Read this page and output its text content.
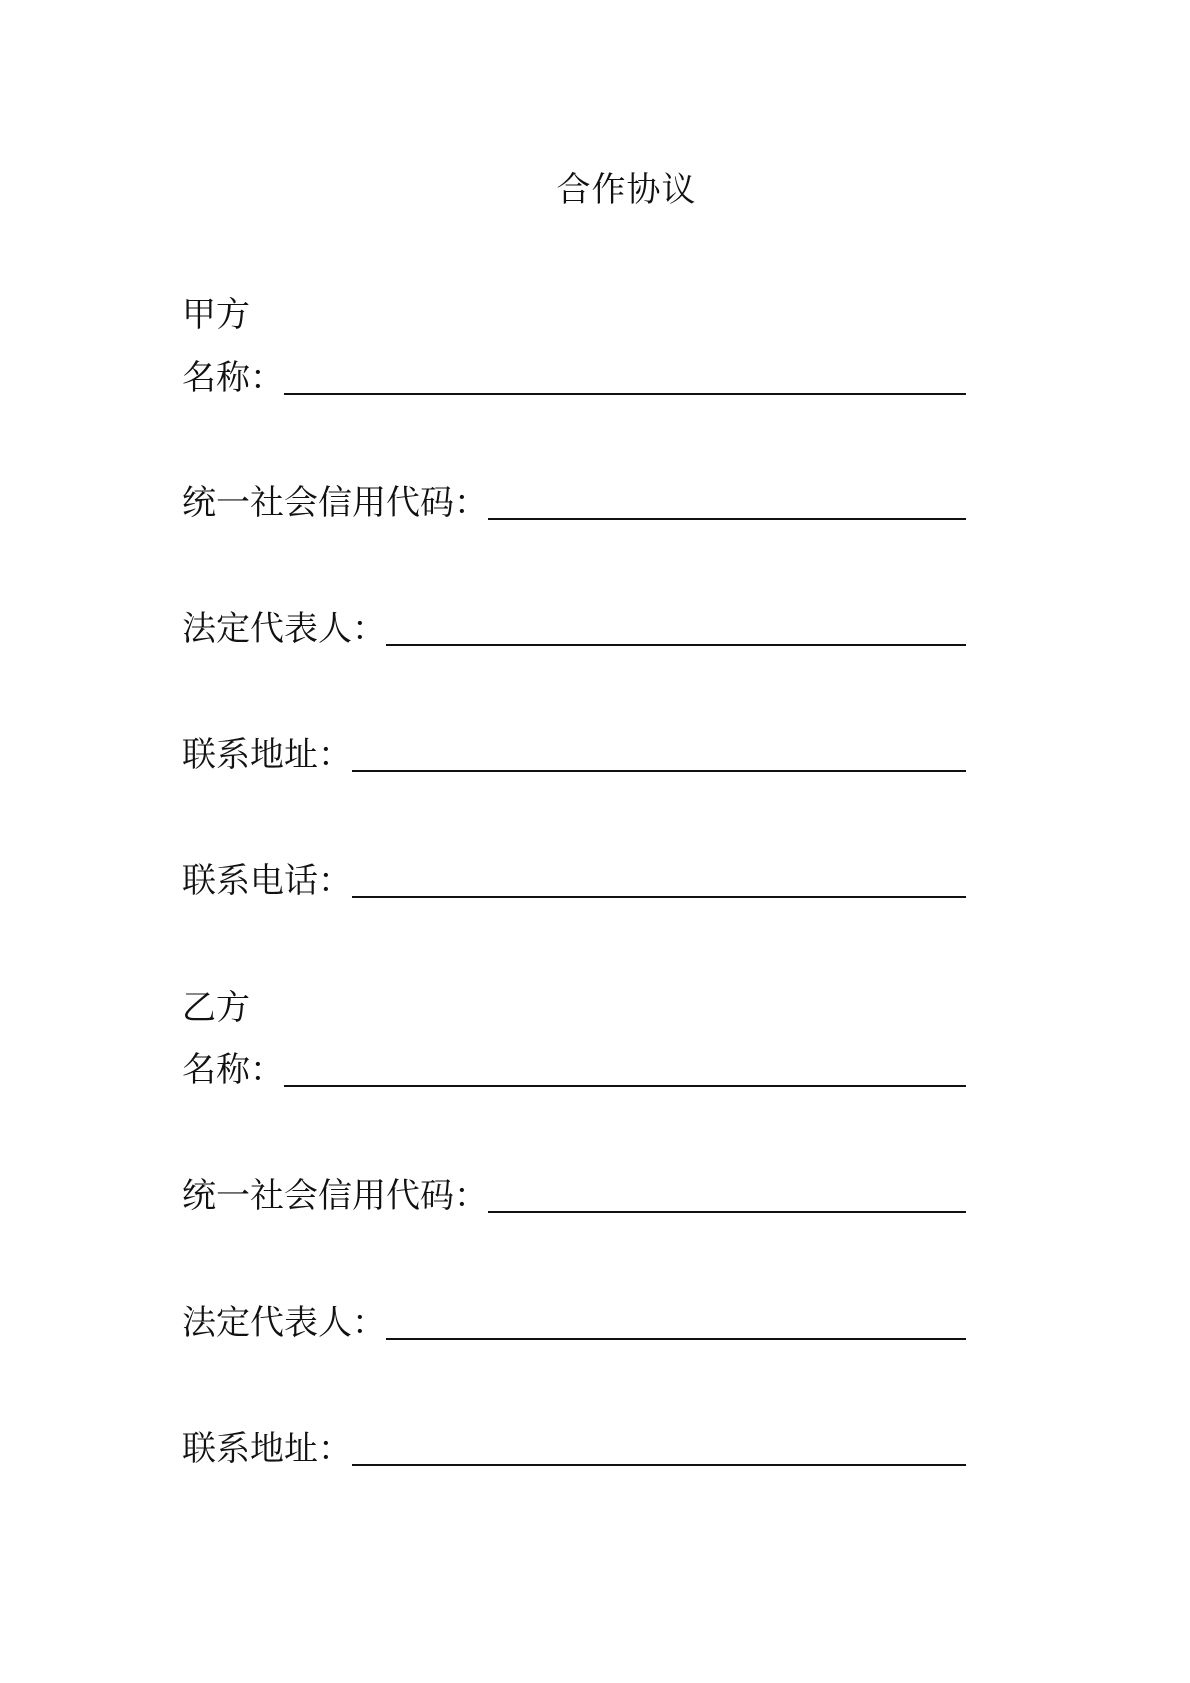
合作协议
甲方
名称：
统一社会信用代码：
法定代表人：
联系地址：
联系电话：
乙方
名称：
统一社会信用代码：
法定代表人：
联系地址：
